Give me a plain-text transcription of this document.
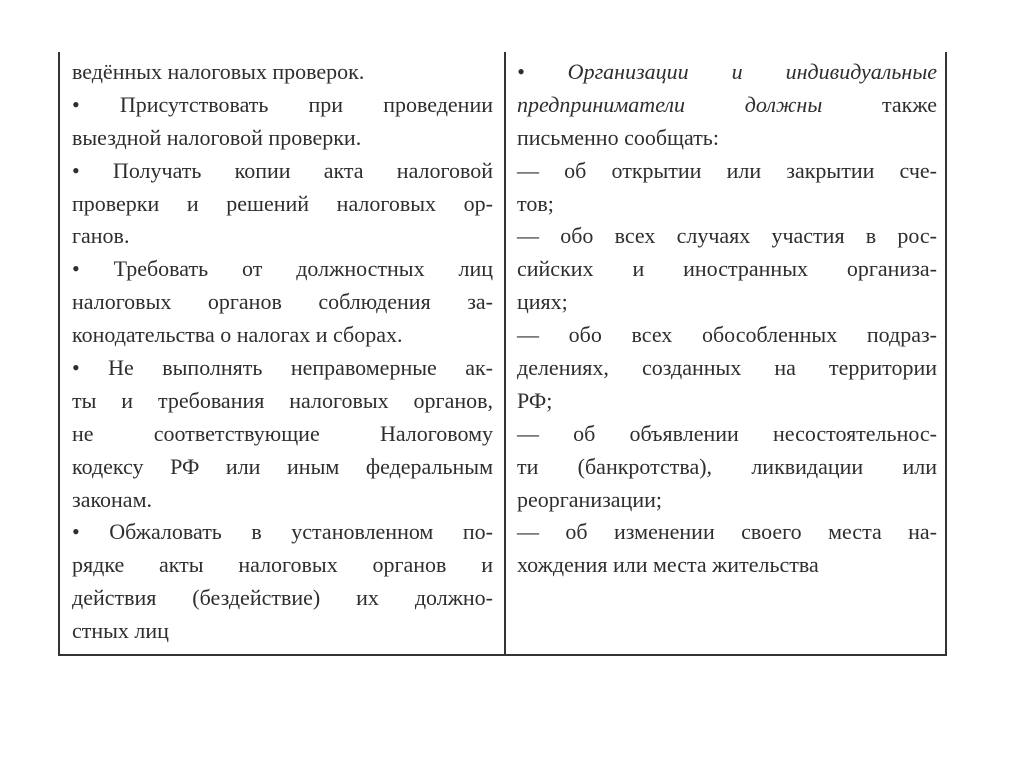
ведённых налоговых проверок.
• Присутствовать при проведении
выездной налоговой проверки.
• Получать копии акта налоговой
проверки и решений налоговых ор-
ганов.
• Требовать от должностных лиц
налоговых органов соблюдения за-
конодательства о налогах и сборах.
• Не выполнять неправомерные ак-
ты и требования налоговых органов,
не соответствующие Налоговому
кодексу РФ или иным федеральным
законам.
• Обжаловать в установленном по-
рядке акты налоговых органов и
действия (бездействие) их должно-
стных лиц
• Организации и индивидуальные
предприниматели должны также
письменно сообщать:
— об открытии или закрытии сче-
тов;
— обо всех случаях участия в рос-
сийских и иностранных организа-
циях;
— обо всех обособленных подраз-
делениях, созданных на территории
РФ;
— об объявлении несостоятельнос-
ти (банкротства), ликвидации или
реорганизации;
— об изменении своего места на-
хождения или места жительства
